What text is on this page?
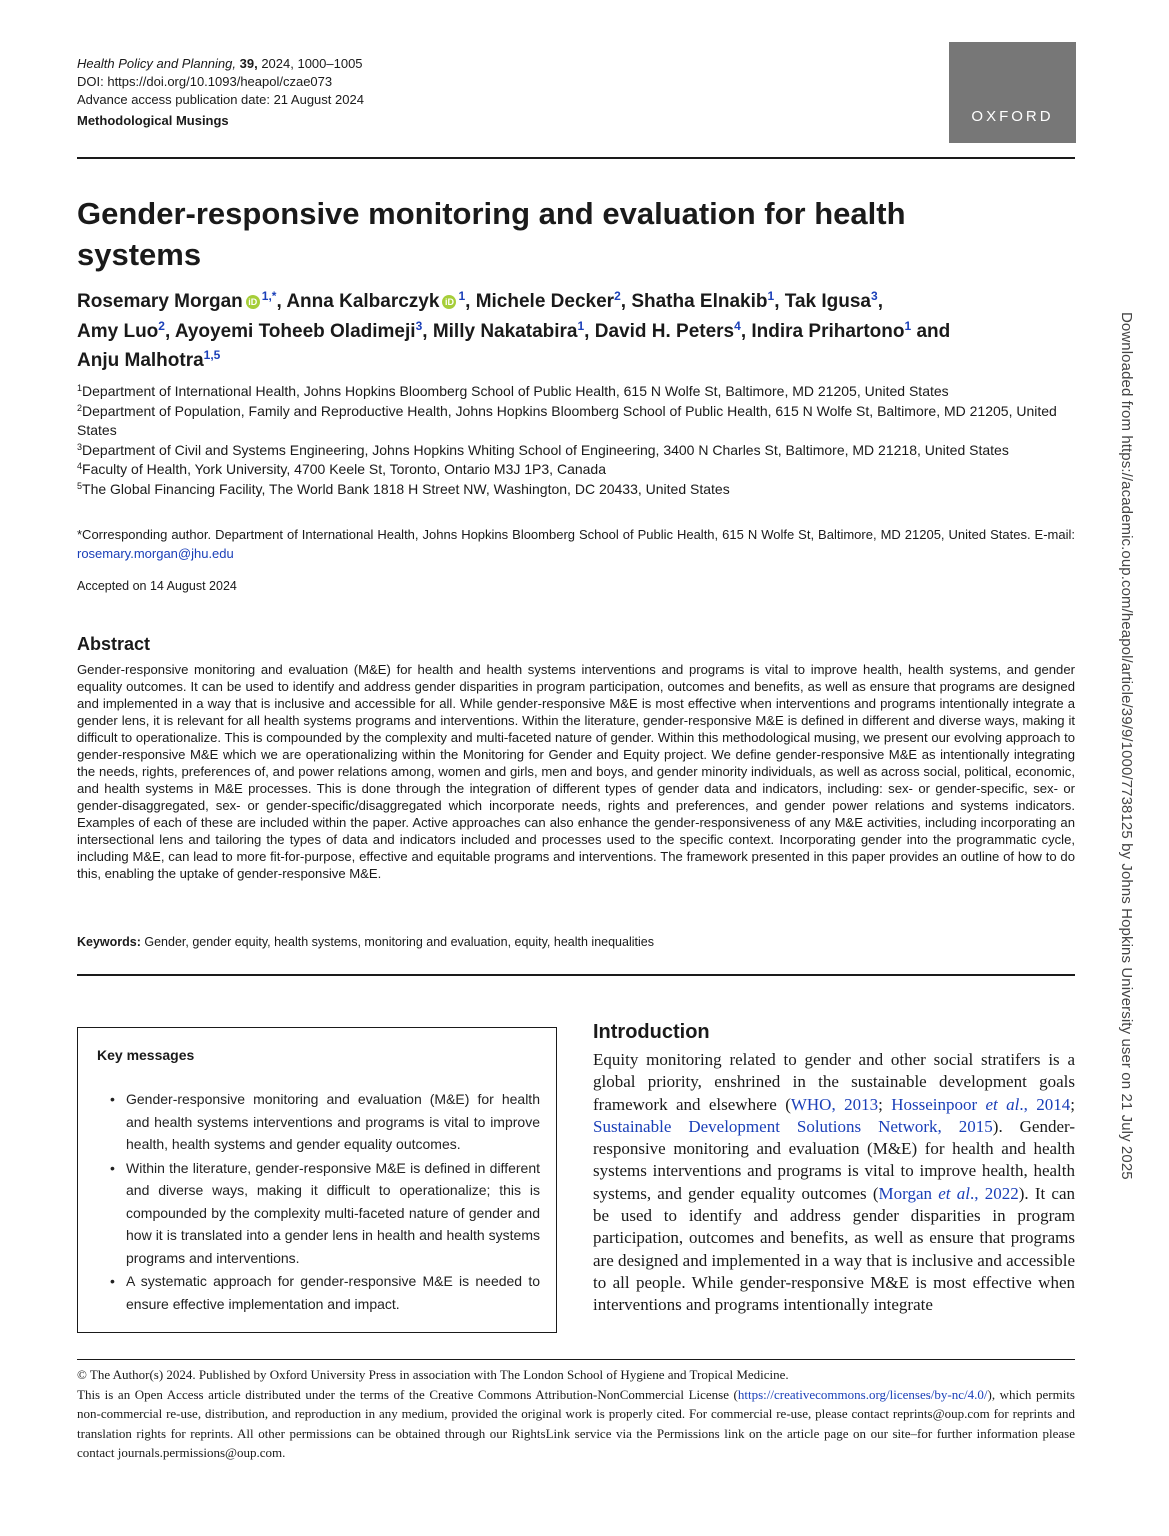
Health Policy and Planning, 39, 2024, 1000–1005
DOI: https://doi.org/10.1093/heapol/czae073
Advance access publication date: 21 August 2024
Methodological Musings	OXFORD
Gender-responsive monitoring and evaluation for health systems
Rosemary Morgan iD $^{1,*}$, Anna Kalbarczyk iD $^1$, Michele Decker$^2$, Shatha Elnakib$^1$, Tak Igusa$^3$,
Amy Luo$^2$, Ayoyemi Toheeb Oladimeji$^3$, Milly Nakatabira$^1$, David H. Peters$^4$, Indira Prihartono$^1$ and
Anju Malhotra$^{1,5}$
$^1$Department of International Health, Johns Hopkins Bloomberg School of Public Health, 615 N Wolfe St, Baltimore, MD 21205, United States
$^2$Department of Population, Family and Reproductive Health, Johns Hopkins Bloomberg School of Public Health, 615 N Wolfe St, Baltimore, MD 21205, United States
$^3$Department of Civil and Systems Engineering, Johns Hopkins Whiting School of Engineering, 3400 N Charles St, Baltimore, MD 21218, United States
$^4$Faculty of Health, York University, 4700 Keele St, Toronto, Ontario M3J 1P3, Canada
$^5$The Global Financing Facility, The World Bank 1818 H Street NW, Washington, DC 20433, United States
*Corresponding author. Department of International Health, Johns Hopkins Bloomberg School of Public Health, 615 N Wolfe St, Baltimore, MD 21205, United States. E-mail: rosemary.morgan@jhu.edu
Accepted on 14 August 2024
Abstract
Gender-responsive monitoring and evaluation (M&E) for health and health systems interventions and programs is vital to improve health, health systems, and gender equality outcomes. It can be used to identify and address gender disparities in program participation, outcomes and benefits, as well as ensure that programs are designed and implemented in a way that is inclusive and accessible for all. While gender-responsive M&E is most effective when interventions and programs intentionally integrate a gender lens, it is relevant for all health systems programs and interventions. Within the literature, gender-responsive M&E is defined in different and diverse ways, making it difficult to operationalize. This is compounded by the complexity and multi-faceted nature of gender. Within this methodological musing, we present our evolving approach to gender-responsive M&E which we are operationalizing within the Monitoring for Gender and Equity project. We define gender-responsive M&E as intentionally integrating the needs, rights, preferences of, and power relations among, women and girls, men and boys, and gender minority individuals, as well as across social, political, economic, and health systems in M&E processes. This is done through the integration of different types of gender data and indicators, including: sex- or gender-specific, sex- or gender-disaggregated, sex- or gender-specific/disaggregated which incorporate needs, rights and preferences, and gender power relations and systems indicators. Examples of each of these are included within the paper. Active approaches can also enhance the gender-responsiveness of any M&E activities, including incorporating an intersectional lens and tailoring the types of data and indicators included and processes used to the specific context. Incorporating gender into the programmatic cycle, including M&E, can lead to more fit-for-purpose, effective and equitable programs and interventions. The framework presented in this paper provides an outline of how to do this, enabling the uptake of gender-responsive M&E.
Keywords: Gender, gender equity, health systems, monitoring and evaluation, equity, health inequalities
Key messages
• Gender-responsive monitoring and evaluation (M&E) for health and health systems interventions and programs is vital to improve health, health systems and gender equality outcomes.
• Within the literature, gender-responsive M&E is defined in different and diverse ways, making it difficult to operationalize; this is compounded by the complexity multi-faceted nature of gender and how it is translated into a gender lens in health and health systems programs and interventions.
• A systematic approach for gender-responsive M&E is needed to ensure effective implementation and impact.
Introduction
Equity monitoring related to gender and other social stratifers is a global priority, enshrined in the sustainable development goals framework and elsewhere (WHO, 2013; Hosseinpoor et al., 2014; Sustainable Development Solutions Network, 2015). Gender-responsive monitoring and evaluation (M&E) for health and health systems interventions and programs is vital to improve health, health systems, and gender equality outcomes (Morgan et al., 2022). It can be used to identify and address gender disparities in program participation, outcomes and benefits, as well as ensure that programs are designed and implemented in a way that is inclusive and accessible to all people. While gender-responsive M&E is most effective when interventions and programs intentionally integrate
© The Author(s) 2024. Published by Oxford University Press in association with The London School of Hygiene and Tropical Medicine.
This is an Open Access article distributed under the terms of the Creative Commons Attribution-NonCommercial License (https://creativecommons.org/licenses/by-nc/4.0/), which permits non-commercial re-use, distribution, and reproduction in any medium, provided the original work is properly cited. For commercial re-use, please contact reprints@oup.com for reprints and translation rights for reprints. All other permissions can be obtained through our RightsLink service via the Permissions link on the article page on our site–for further information please contact journals.permissions@oup.com.
Downloaded from https://academic.oup.com/heapol/article/39/9/1000/7738125 by Johns Hopkins University user on 21 July 2025
